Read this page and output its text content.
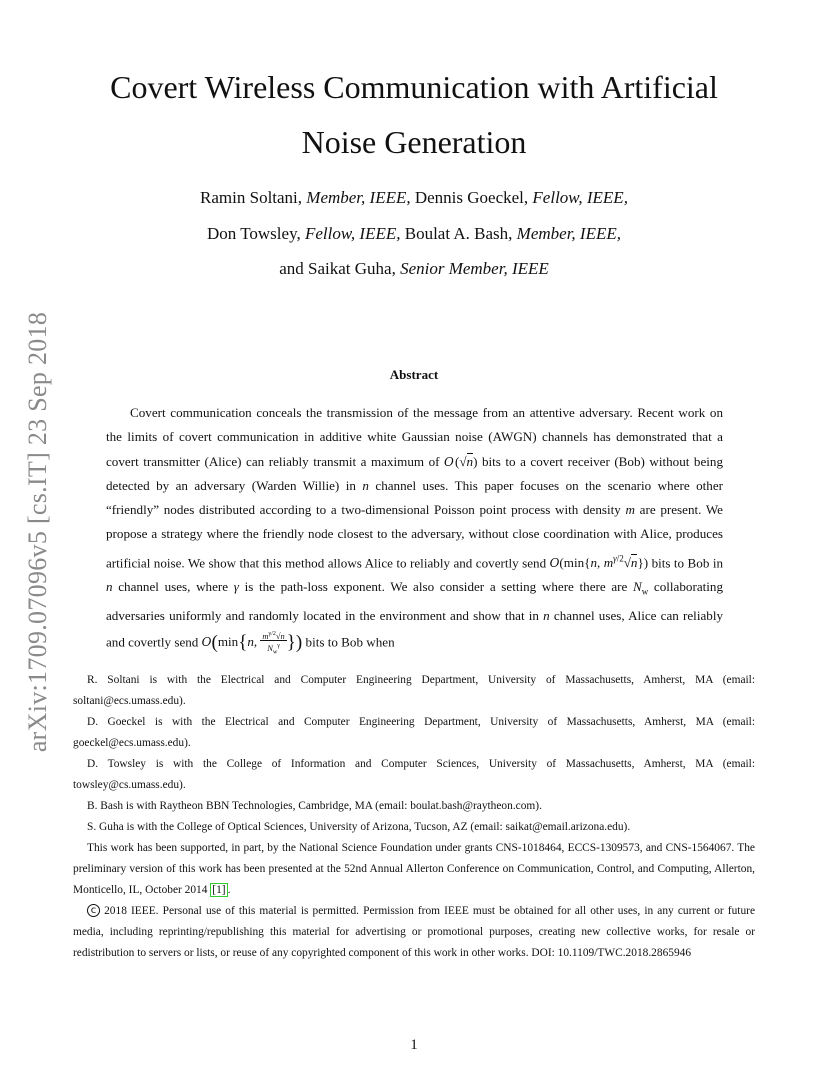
arXiv:1709.07096v5 [cs.IT] 23 Sep 2018
Covert Wireless Communication with Artificial Noise Generation
Ramin Soltani, Member, IEEE, Dennis Goeckel, Fellow, IEEE,
Don Towsley, Fellow, IEEE, Boulat A. Bash, Member, IEEE,
and Saikat Guha, Senior Member, IEEE
Abstract

Covert communication conceals the transmission of the message from an attentive adversary. Recent work on the limits of covert communication in additive white Gaussian noise (AWGN) channels has demonstrated that a covert transmitter (Alice) can reliably transmit a maximum of O (√n) bits to a covert receiver (Bob) without being detected by an adversary (Warden Willie) in n channel uses. This paper focuses on the scenario where other “friendly” nodes distributed according to a two-dimensional Poisson point process with density m are present. We propose a strategy where the friendly node closest to the adversary, without close coordination with Alice, produces artificial noise. We show that this method allows Alice to reliably and covertly send O(min{n, $m^{\gamma/2}√n$}) bits to Bob in n channel uses, where γ is the path-loss exponent. We also consider a setting where there are $N_w$ collaborating adversaries uniformly and randomly located in the environment and show that in n channel uses, Alice can reliably and covertly send O(min{n, $\frac{m^{\gamma/2}√n}{N_w^\gamma}$ }) bits to Bob when

R. Soltani is with the Electrical and Computer Engineering Department, University of Massachusetts, Amherst, MA (email: soltani@ecs.umass.edu).

D. Goeckel is with the Electrical and Computer Engineering Department, University of Massachusetts, Amherst, MA (email: goeckel@ecs.umass.edu).

D. Towsley is with the College of Information and Computer Sciences, University of Massachusetts, Amherst, MA (email: towsley@cs.umass.edu).

B. Bash is with Raytheon BBN Technologies, Cambridge, MA (email: boulat.bash@raytheon.com).

S. Guha is with the College of Optical Sciences, University of Arizona, Tucson, AZ (email: saikat@email.arizona.edu).

This work has been supported, in part, by the National Science Foundation under grants CNS-1018464, ECCS-1309573, and CNS-1564067. The preliminary version of this work has been presented at the 52nd Annual Allerton Conference on Communication, Control, and Computing, Allerton, Monticello, IL, October 2014 [1] .

c 2018 IEEE. Personal use of this material is permitted. Permission from IEEE must be obtained for all other uses, in any current or future media, including reprinting/republishing this material for advertising or promotional purposes, creating new collective works, for resale or redistribution to servers or lists, or reuse of any copyrighted component of this work in other works. DOI: 10.1109/TWC.2018.2865946

1
